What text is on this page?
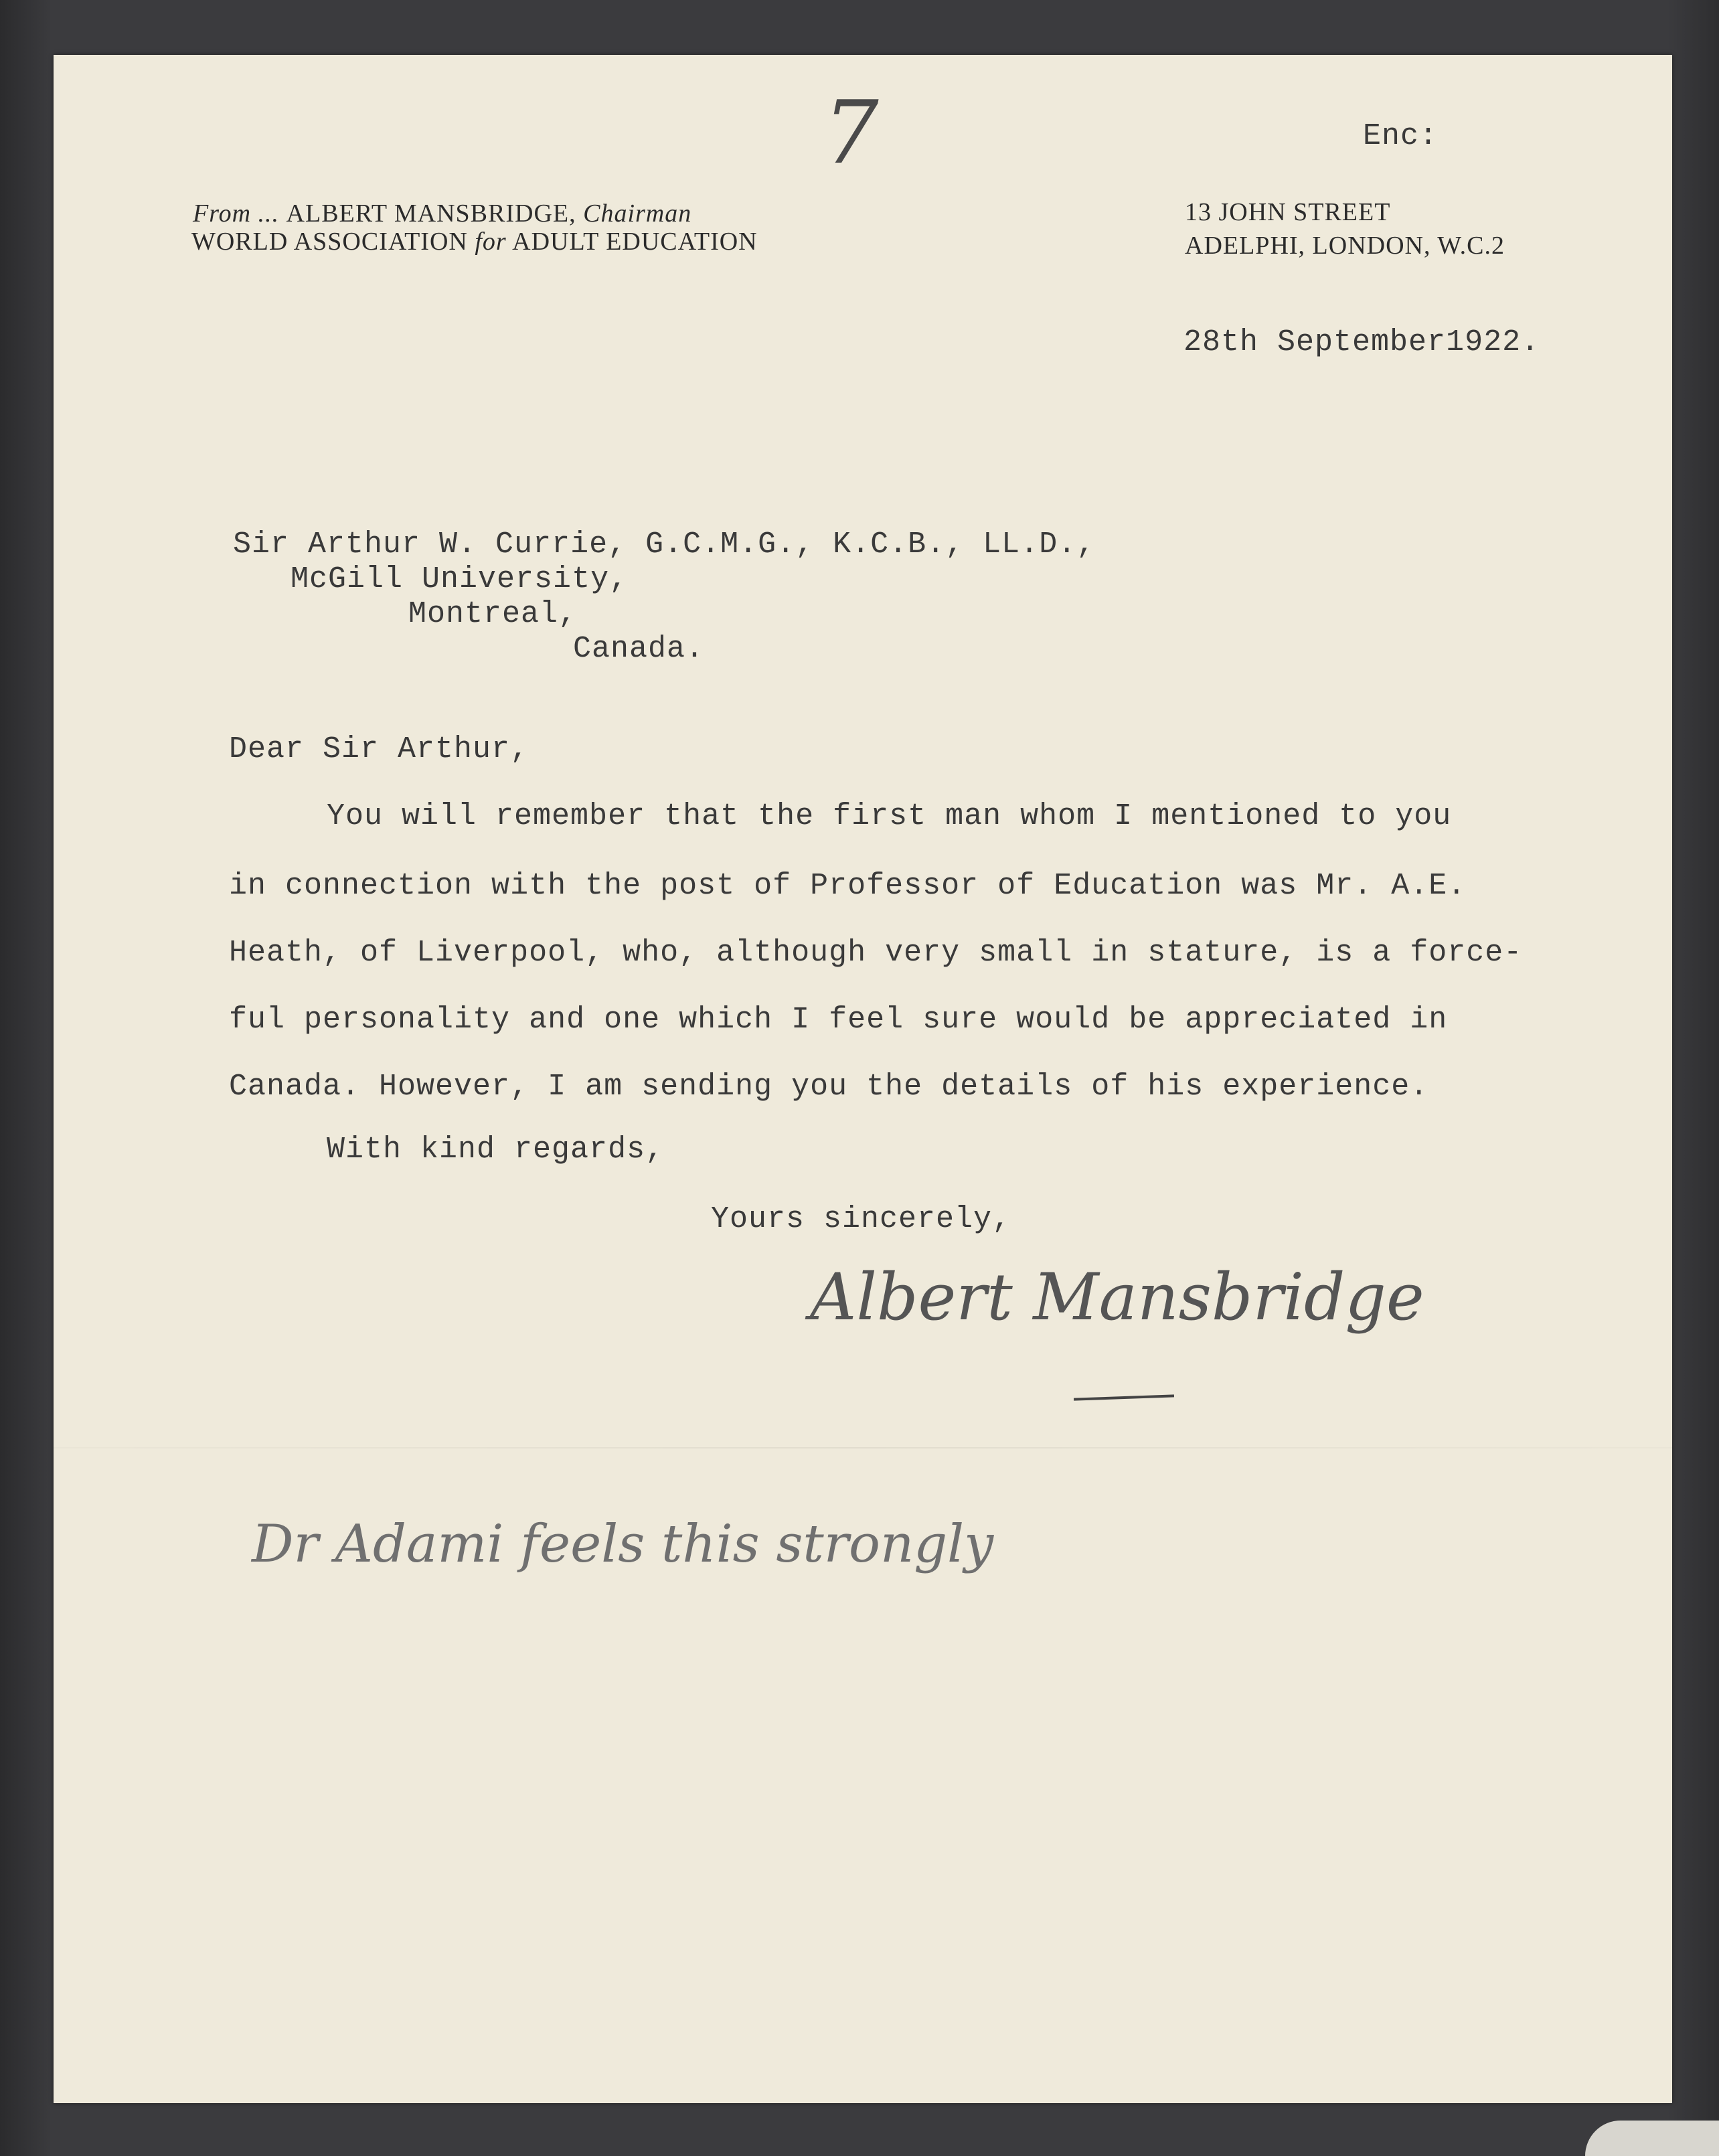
7	Enc:
From ... ALBERT MANSBRIDGE, Chairman
WORLD ASSOCIATION for ADULT EDUCATION
13 JOHN STREET
ADELPHI, LONDON, W.C.2
28th September1922.
Sir Arthur W. Currie, G.C.M.G., K.C.B., LL.D.,
McGill University,
Montreal,
Canada.
Dear Sir Arthur,
You will remember that the first man whom I mentioned to you
in connection with the post of Professor of Education was Mr. A.E.
Heath, of Liverpool, who, although very small in stature, is a force-
ful personality and one which I feel sure would be appreciated in
Canada. However, I am sending you the details of his experience.
With kind regards,
Yours sincerely,
Albert Mansbridge
Dr Adami feels this strongly
